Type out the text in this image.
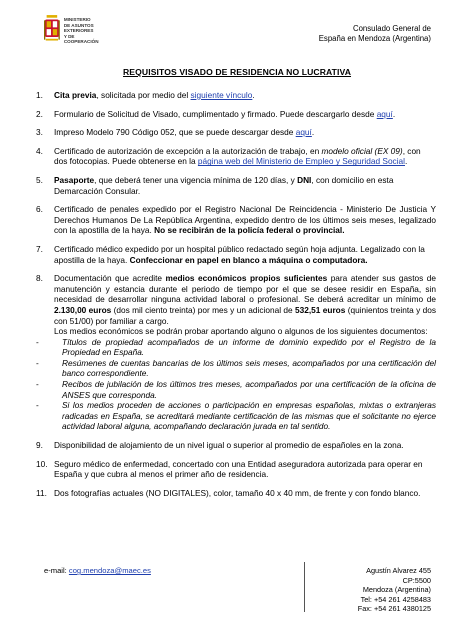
MINISTERIO
DE ASUNTOS EXTERIORES
Y DE COOPERACIÓN
Consulado General de
España en Mendoza (Argentina)
REQUISITOS VISADO DE RESIDENCIA NO LUCRATIVA
1. Cita previa, solicitada por medio del siguiente vínculo.
2. Formulario de Solicitud de Visado, cumplimentado y firmado. Puede descargarlo desde aquí.
3. Impreso Modelo 790 Código 052, que se puede descargar desde aquí.
4. Certificado de autorización de excepción a la autorización de trabajo, en modelo oficial (EX 09), con dos fotocopias. Puede obtenerse en la página web del Ministerio de Empleo y Seguridad Social.
5. Pasaporte, que deberá tener una vigencia mínima de 120 días, y DNI, con domicilio en esta Demarcación Consular.
6. Certificado de penales expedido por el Registro Nacional De Reincidencia - Ministerio De Justicia Y Derechos Humanos De La República Argentina, expedido dentro de los últimos seis meses, legalizado con la apostilla de la haya. No se recibirán de la policía federal o provincial.
7. Certificado médico expedido por un hospital público redactado según hoja adjunta. Legalizado con la apostilla de la haya. Confeccionar en papel en blanco a máquina o computadora.
8. Documentación que acredite medios económicos propios suficientes para atender sus gastos de manutención y estancia durante el periodo de tiempo por el que se desee residir en España, sin necesidad de desarrollar ninguna actividad laboral o profesional. Se deberá acreditar un mínimo de 2.130,00 euros (dos mil ciento treinta) por mes y un adicional de 532,51 euros (quinientos treinta y dos con 51/00) por familiar a cargo.
Los medios económicos se podrán probar aportando alguno o algunos de los siguientes documentos:
-	Títulos de propiedad acompañados de un informe de dominio expedido por el Registro de la Propiedad en España.
-	Resúmenes de cuentas bancarias de los últimos seis meses, acompañados por una certificación del banco correspondiente.
-	Recibos de jubilación de los últimos tres meses, acompañados por una certificación de la oficina de ANSES que corresponda.
-	Si los medios proceden de acciones o participación en empresas españolas, mixtas o extranjeras radicadas en España, se acreditará mediante certificación de las mismas que el solicitante no ejerce actividad laboral alguna, acompañando declaración jurada en tal sentido.
9. Disponibilidad de alojamiento de un nivel igual o superior al promedio de españoles en la zona.
10. Seguro médico de enfermedad, concertado con una Entidad aseguradora autorizada para operar en España y que cubra al menos el primer año de residencia.
11. Dos fotografías actuales (NO DIGITALES), color, tamaño 40 x 40 mm, de frente y con fondo blanco.
e-mail: cog.mendoza@maec.es	Agustín Alvarez 455
CP:5500
Mendoza (Argentina)
Tel: +54 261 4258483
Fax: +54 261 4380125
